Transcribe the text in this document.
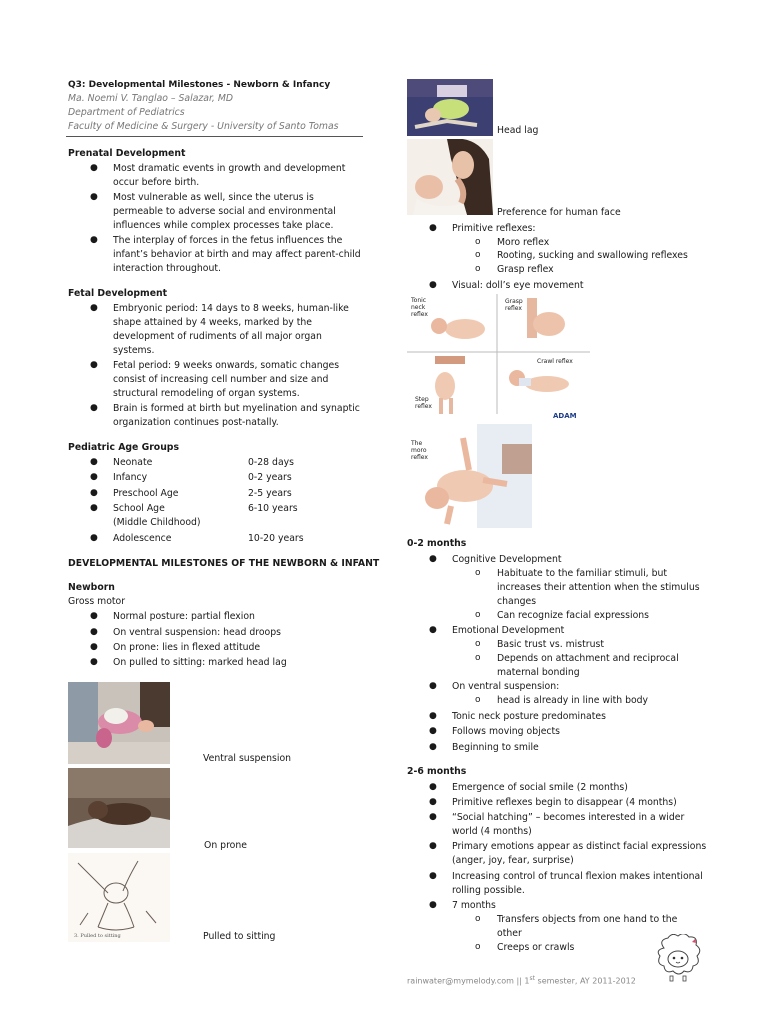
Q3: Developmental Milestones - Newborn & Infancy
Ma. Noemi V. Tanglao – Salazar, MD
Department of Pediatrics
Faculty of Medicine & Surgery - University of Santo Tomas
Prenatal Development
● Most dramatic events in growth and development
occur before birth.
● Most vulnerable as well, since the uterus is
permeable to adverse social and environmental
influences while complex processes take place.
● The interplay of forces in the fetus influences the
infant’s behavior at birth and may affect parent-child
interaction throughout.
Fetal Development
● Embryonic period: 14 days to 8 weeks, human-like
shape attained by 4 weeks, marked by the
development of rudiments of all major organ
systems.
● Fetal period: 9 weeks onwards, somatic changes
consist of increasing cell number and size and
structural remodeling of organ systems.
● Brain is formed at birth but myelination and synaptic
organization continues post-natally.
Pediatric Age Groups
● Neonate	0-28 days
● Infancy	0-2 years
● Preschool Age	2-5 years
● School Age	6-10 years
(Middle Childhood)
● Adolescence	10-20 years
DEVELOPMENTAL MILESTONES OF THE NEWBORN & INFANT
Newborn
Gross motor
● Normal posture: partial flexion
● On ventral suspension: head droops
● On prone: lies in flexed attitude
● On pulled to sitting: marked head lag
Ventral suspension
On prone
3. Pulled to sitting	Pulled to sitting
Head lag
Preference for human face
● Primitive reflexes:
o Moro reflex
o Rooting, sucking and swallowing reflexes
o Grasp reflex
● Visual: doll’s eye movement
Tonic neck reflex
Grasp reflex
Crawl reflex
Step reflex
ADAM
The moro reflex
0-2 months
● Cognitive Development
o Habituate to the familiar stimuli, but
increases their attention when the stimulus
changes
o Can recognize facial expressions
● Emotional Development
o Basic trust vs. mistrust
o Depends on attachment and reciprocal
maternal bonding
● On ventral suspension:
o head is already in line with body
● Tonic neck posture predominates
● Follows moving objects
● Beginning to smile
2-6 months
● Emergence of social smile (2 months)
● Primitive reflexes begin to disappear (4 months)
● “Social hatching” – becomes interested in a wider
world (4 months)
● Primary emotions appear as distinct facial expressions
(anger, joy, fear, surprise)
● Increasing control of truncal flexion makes intentional
rolling possible.
● 7 months
o Transfers objects from one hand to the
other
o Creeps or crawls
rainwater@mymelody.com || 1st semester, AY 2011-2012
